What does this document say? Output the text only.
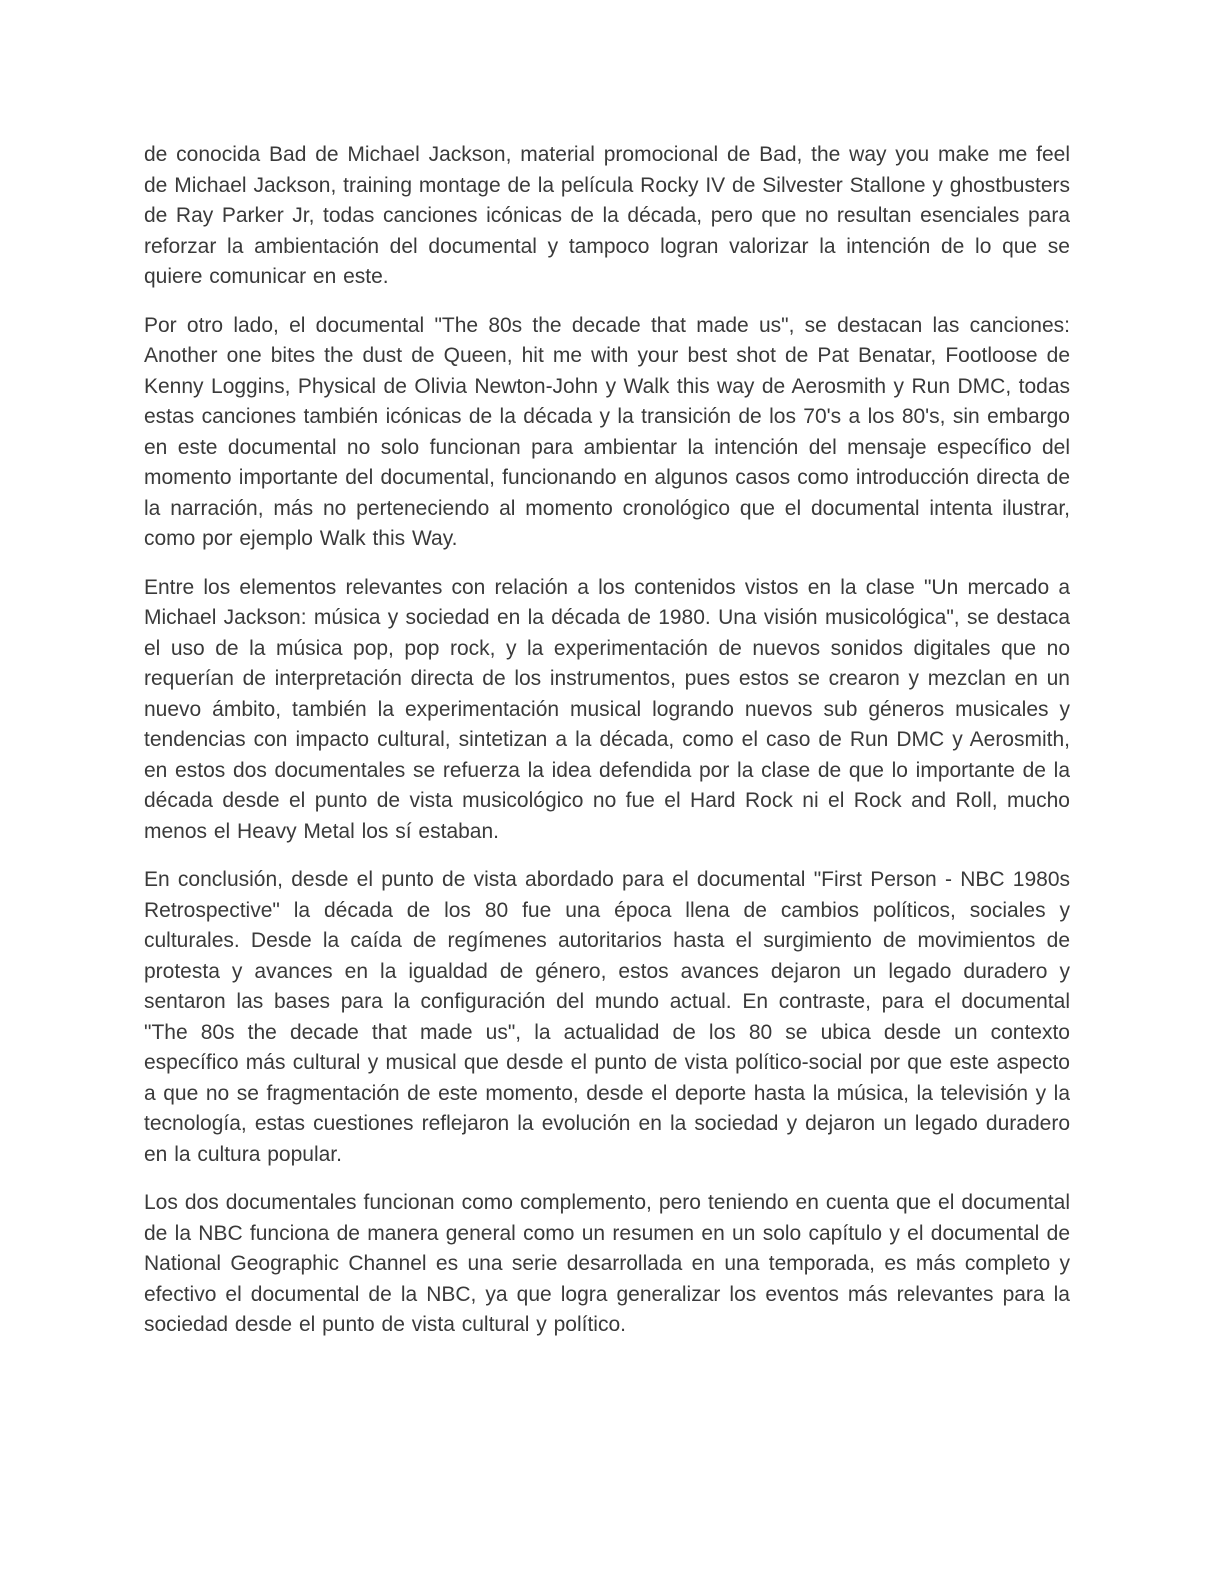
de conocida Bad de Michael Jackson, material promocional de Bad, the way you make me feel de Michael Jackson, training montage de la película Rocky IV de Silvester Stallone y ghostbusters de Ray Parker Jr, todas canciones icónicas de la década, pero que no resultan esenciales para reforzar la ambientación del documental y tampoco logran valorizar la intención de lo que se quiere comunicar en este.

Por otro lado, el documental "The 80s the decade that made us", se destacan las canciones: Another one bites the dust de Queen, hit me with your best shot de Pat Benatar, Footloose de Kenny Loggins, Physical de Olivia Newton-John y Walk this way de Aerosmith y Run DMC, todas estas canciones también icónicas de la década y la transición de los 70's a los 80's, sin embargo en este documental no solo funcionan para ambientar la intención del mensaje específico del momento importante del documental, funcionando en algunos casos como introducción directa de la narración, más no perteneciendo al momento cronológico que el documental intenta ilustrar, como por ejemplo Walk this Way.

Entre los elementos relevantes con relación a los contenidos vistos en la clase "Un mercado a Michael Jackson: música y sociedad en la década de 1980. Una visión musicológica", se destaca el uso de la música pop, pop rock, y la experimentación de nuevos sonidos digitales que no requerían de interpretación directa de los instrumentos, pues estos se crearon y mezclan en un nuevo ámbito, también la experimentación musical logrando nuevos sub géneros musicales y tendencias con impacto cultural, sintetizan a la década, como el caso de Run DMC y Aerosmith, en estos dos documentales se refuerza la idea defendida por la clase de que lo importante de la década desde el punto de vista musicológico no fue el Hard Rock ni el Rock and Roll, mucho menos el Heavy Metal los sí estaban.

En conclusión, desde el punto de vista abordado para el documental "First Person - NBC 1980s Retrospective" la década de los 80 fue una época llena de cambios políticos, sociales y culturales. Desde la caída de regímenes autoritarios hasta el surgimiento de movimientos de protesta y avances en la igualdad de género, estos avances dejaron un legado duradero y sentaron las bases para la configuración del mundo actual. En contraste, para el documental "The 80s the decade that made us", la actualidad de los 80 se ubica desde un contexto específico más cultural y musical que desde el punto de vista político-social por que este aspecto a que no se fragmentación de este momento, desde el deporte hasta la música, la televisión y la tecnología, estas cuestiones reflejaron la evolución en la sociedad y dejaron un legado duradero en la cultura popular.

Los dos documentales funcionan como complemento, pero teniendo en cuenta que el documental de la NBC funciona de manera general como un resumen en un solo capítulo y el documental de National Geographic Channel es una serie desarrollada en una temporada, es más completo y efectivo el documental de la NBC, ya que logra generalizar los eventos más relevantes para la sociedad desde el punto de vista cultural y político.
